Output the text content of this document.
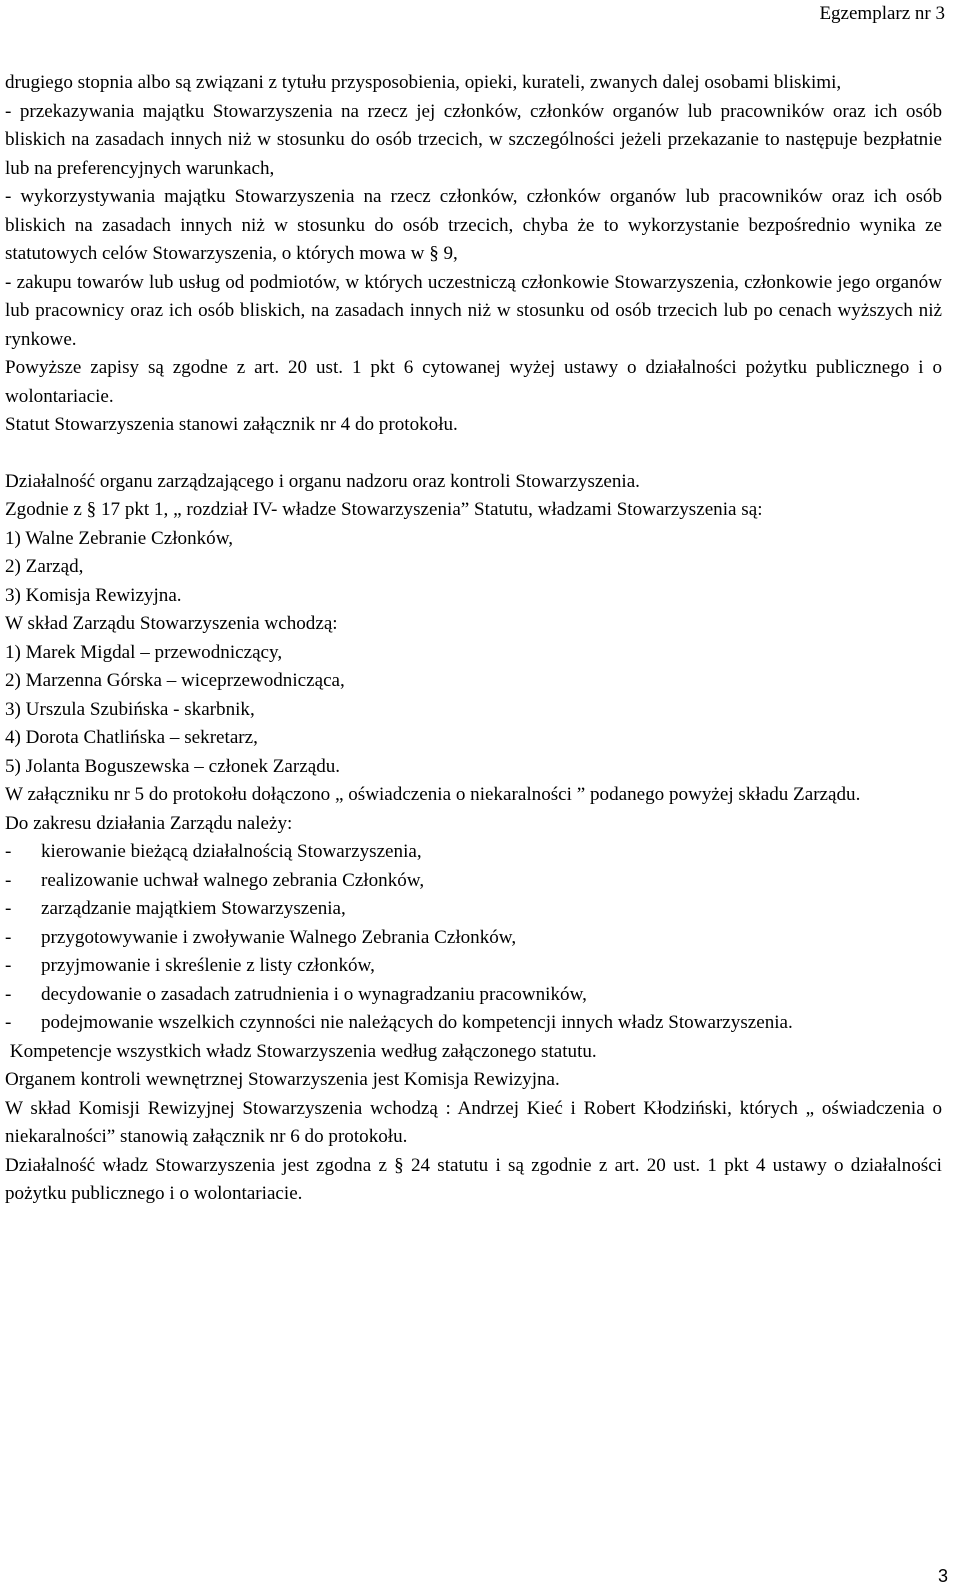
Egzemplarz nr 3

drugiego stopnia albo są związani z tytułu przysposobienia, opieki, kurateli, zwanych dalej osobami bliskimi,

- przekazywania majątku Stowarzyszenia na rzecz jej członków, członków organów lub pracowników oraz ich osób bliskich na zasadach innych niż w stosunku do osób trzecich, w szczególności jeżeli przekazanie to następuje bezpłatnie lub na preferencyjnych warunkach,

- wykorzystywania majątku Stowarzyszenia na rzecz członków, członków organów lub pracowników oraz ich osób bliskich na zasadach innych niż w stosunku do osób trzecich, chyba że to wykorzystanie bezpośrednio wynika ze statutowych celów Stowarzyszenia, o których mowa w § 9,

- zakupu towarów lub usług od podmiotów, w których uczestniczą członkowie Stowarzyszenia, członkowie jego organów lub pracownicy oraz ich osób bliskich, na zasadach innych niż w stosunku od osób trzecich lub po cenach wyższych niż rynkowe.

Powyższe zapisy są zgodne z art. 20 ust. 1 pkt 6 cytowanej wyżej ustawy o działalności pożytku publicznego i o wolontariacie.

Statut Stowarzyszenia stanowi załącznik nr 4 do protokołu.

Działalność organu zarządzającego i organu nadzoru oraz kontroli Stowarzyszenia.

Zgodnie z § 17 pkt 1, „ rozdział IV- władze Stowarzyszenia” Statutu, władzami Stowarzyszenia są:

1) Walne Zebranie Członków,

2) Zarząd,

3) Komisja Rewizyjna.

W skład Zarządu Stowarzyszenia wchodzą:

1) Marek Migdal – przewodniczący,

2) Marzenna Górska – wiceprzewodnicząca,

3) Urszula Szubińska - skarbnik,

4) Dorota Chatlińska – sekretarz,

5) Jolanta Boguszewska – członek Zarządu.

W załączniku nr 5 do protokołu dołączono „ oświadczenia o niekaralności ” podanego powyżej składu Zarządu.

Do zakresu działania Zarządu należy:

-	kierowanie bieżącą działalnością Stowarzyszenia,
-	realizowanie uchwał walnego zebrania Członków,
-	zarządzanie majątkiem Stowarzyszenia,
-	przygotowywanie i zwoływanie Walnego Zebrania Członków,
-	przyjmowanie i skreślenie z listy członków,
-	decydowanie o zasadach zatrudnienia i o wynagradzaniu pracowników,
-	podejmowanie wszelkich czynności nie należących do kompetencji innych władz Stowarzyszenia.

Kompetencje wszystkich władz Stowarzyszenia według załączonego statutu.

Organem kontroli wewnętrznej Stowarzyszenia jest Komisja Rewizyjna.

W skład Komisji Rewizyjnej Stowarzyszenia wchodzą : Andrzej Kieć i Robert Kłodziński, których „ oświadczenia o niekaralności” stanowią załącznik nr 6 do protokołu.

Działalność władz Stowarzyszenia jest zgodna z § 24 statutu i są zgodnie z art. 20 ust. 1 pkt 4 ustawy o działalności pożytku publicznego i o wolontariacie.

3
